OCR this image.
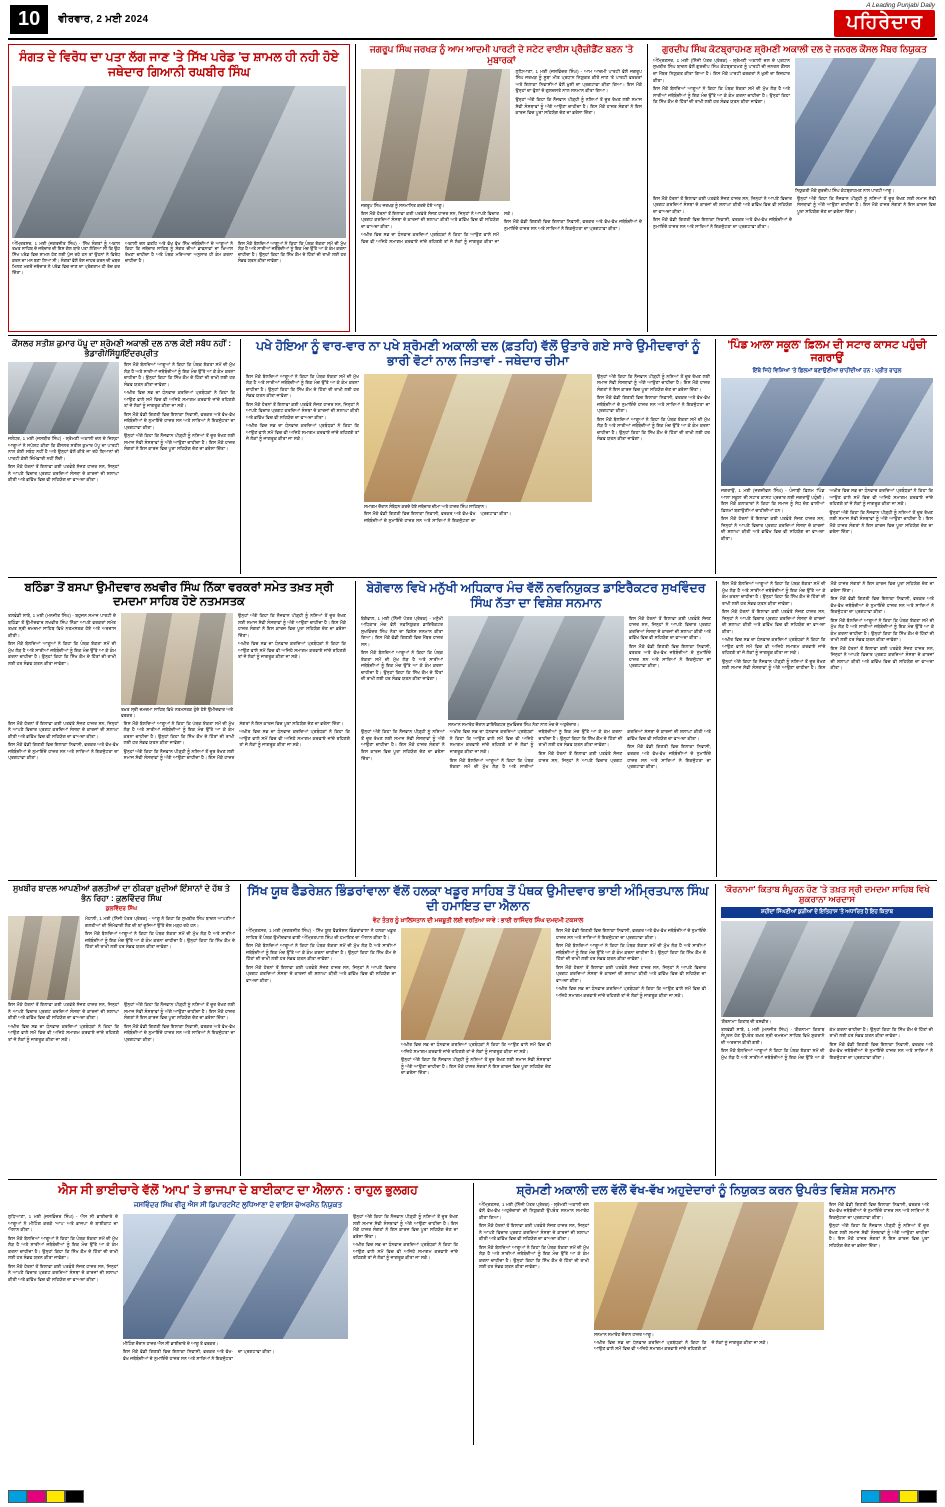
10	ਵੀਰਵਾਰ, 2 ਮਈ 2024
A Leading Punjabi Daily
ਪਹਿਰੇਦਾਰ
ਸੰਗਤ ਦੇ ਵਿਰੋਧ ਦਾ ਪਤਾ ਲੱਗ ਜਾਣ 'ਤੇ ਸਿੱਖ ਪਰੇਡ 'ਚ ਸ਼ਾਮਲ ਹੀ ਨਹੀ ਹੋਏ ਜਥੇਦਾਰ ਗਿਆਨੀ ਰਘਬੀਰ ਸਿੰਘ
ਅੰਮ੍ਰਿਤਸਰ, 1 ਮਈ (ਜਗਤਜੀਤ ਸਿੰਘ) - ਸਿੱਖ ਸੰਗਤਾਂ ਨੂੰ ਅਕਾਲ ਤਖ਼ਤ ਸਾਹਿਬ ਦੇ ਜਥੇਦਾਰ ਦੀ ਇਸ ਗੱਲ ਬਾਰੇ ਪਤਾ ਲੱਗਿਆ ਸੀ ਕਿ ਉਹ ਸਿੱਖ ਪਰੇਡ ਵਿਚ ਸ਼ਾਮਲ ਹੋਣ ਲਈ ਪੁੱਜ ਰਹੇ ਹਨ ਤਾਂ ਉਹਨਾਂ ਨੇ ਵਿਰੋਧ ਕਰਨ ਦਾ ਮਨ ਬਣਾ ਲਿਆ ਸੀ। ਸੰਗਤਾਂ ਵੱਲੋਂ ਰੋਸ ਜ਼ਾਹਰ ਕਰਨ ਦੀ ਖ਼ਬਰ ਮਿਲਣ ਮਗਰੋਂ ਜਥੇਦਾਰ ਨੇ ਪਰੇਡ ਵਿਚ ਜਾਣ ਦਾ ਪ੍ਰੋਗਰਾਮ ਹੀ ਰੱਦ ਕਰ ਦਿੱਤਾ।
ਅਕਾਲੀ ਦਲ ਫ਼ਤਹਿ ਅਤੇ ਵੱਖ ਵੱਖ ਸਿੱਖ ਜਥੇਬੰਦੀਆਂ ਦੇ ਆਗੂਆਂ ਨੇ ਕਿਹਾ ਕਿ ਜਥੇਦਾਰ ਸਾਹਿਬ ਨੂੰ ਸੰਗਤ ਦੀਆਂ ਭਾਵਨਾਵਾਂ ਦਾ ਖ਼ਿਆਲ ਰੱਖਣਾ ਚਾਹੀਦਾ ਹੈ ਅਤੇ ਪੰਥਕ ਮਰਿਆਦਾ ਅਨੁਸਾਰ ਹੀ ਕੰਮ ਕਰਨਾ ਚਾਹੀਦਾ ਹੈ।
ਇਸ ਮੌਕੇ ਬੋਲਦਿਆਂ ਆਗੂਆਂ ਨੇ ਕਿਹਾ ਕਿ ਪੰਥਕ ਏਕਤਾ ਸਮੇਂ ਦੀ ਮੁੱਖ ਲੋੜ ਹੈ ਅਤੇ ਸਾਰੀਆਂ ਜਥੇਬੰਦੀਆਂ ਨੂੰ ਇਕ ਮੰਚ ਉੱਤੇ ਆ ਕੇ ਕੰਮ ਕਰਨਾ ਚਾਹੀਦਾ ਹੈ। ਉਨ੍ਹਾਂ ਕਿਹਾ ਕਿ ਸਿੱਖ ਕੌਮ ਦੇ ਹਿੱਤਾਂ ਦੀ ਰਾਖੀ ਲਈ ਹਰ ਸੰਭਵ ਯਤਨ ਕੀਤਾ ਜਾਵੇਗਾ।
ਜਗਰੂਪ ਸਿੰਘ ਜਰਖੜ ਨੂੰ ਆਮ ਆਦਮੀ ਪਾਰਟੀ ਦੇ ਸਟੇਟ ਵਾਈਸ ਪ੍ਰੈਜ਼ੀਡੈਂਟ ਬਣਨ 'ਤੇ ਮੁਬਾਰਕਾਂ
ਜਗਰੂਪ ਸਿੰਘ ਜਰਖੜ ਨੂੰ ਸਨਮਾਨਿਤ ਕਰਦੇ ਹੋਏ ਆਗੂ।

ਲੁਧਿਆਣਾ, 1 ਮਈ (ਜਸਵਿੰਦਰ ਸਿੰਘ) - ਆਮ ਆਦਮੀ ਪਾਰਟੀ ਵੱਲੋਂ ਜਗਰੂਪ ਸਿੰਘ ਜਰਖੜ ਨੂੰ ਸੂਬਾ ਮੀਤ ਪ੍ਰਧਾਨ ਨਿਯੁਕਤ ਕੀਤੇ ਜਾਣ 'ਤੇ ਪਾਰਟੀ ਵਰਕਰਾਂ ਅਤੇ ਇਲਾਕਾ ਨਿਵਾਸੀਆਂ ਵੱਲੋਂ ਖ਼ੁਸ਼ੀ ਦਾ ਪ੍ਰਗਟਾਵਾ ਕੀਤਾ ਗਿਆ। ਇਸ ਮੌਕੇ ਉਨ੍ਹਾਂ ਦਾ ਫੁੱਲਾਂ ਦੇ ਗੁਲਦਸਤੇ ਨਾਲ ਸਨਮਾਨ ਕੀਤਾ ਗਿਆ।

ਉਨ੍ਹਾਂ ਅੱਗੇ ਕਿਹਾ ਕਿ ਨੌਜਵਾਨ ਪੀੜ੍ਹੀ ਨੂੰ ਨਸ਼ਿਆਂ ਤੋਂ ਦੂਰ ਰੱਖਣ ਲਈ ਸਮਾਜ ਸੇਵੀ ਸੰਸਥਾਵਾਂ ਨੂੰ ਅੱਗੇ ਆਉਣਾ ਚਾਹੀਦਾ ਹੈ। ਇਸ ਮੌਕੇ ਹਾਜ਼ਰ ਸੰਗਤਾਂ ਨੇ ਇਸ ਕਾਰਜ ਵਿਚ ਪੂਰਾ ਸਹਿਯੋਗ ਦੇਣ ਦਾ ਭਰੋਸਾ ਦਿੱਤਾ।

ਇਸ ਮੌਕੇ ਹੋਰਨਾਂ ਤੋਂ ਇਲਾਵਾ ਕਈ ਪਤਵੰਤੇ ਸੱਜਣ ਹਾਜ਼ਰ ਸਨ, ਜਿਨ੍ਹਾਂ ਨੇ ਆਪਣੇ ਵਿਚਾਰ ਪ੍ਰਗਟ ਕਰਦਿਆਂ ਸੰਸਥਾ ਦੇ ਕਾਰਜਾਂ ਦੀ ਸ਼ਲਾਘਾ ਕੀਤੀ ਅਤੇ ਭਵਿੱਖ ਵਿਚ ਵੀ ਸਹਿਯੋਗ ਦਾ ਵਾਅਦਾ ਕੀਤਾ।

ਅਖ਼ੀਰ ਵਿਚ ਸਭ ਦਾ ਧੰਨਵਾਦ ਕਰਦਿਆਂ ਪ੍ਰਬੰਧਕਾਂ ਨੇ ਕਿਹਾ ਕਿ ਆਉਣ ਵਾਲੇ ਸਮੇਂ ਵਿਚ ਵੀ ਅਜਿਹੇ ਸਮਾਗਮ ਕਰਵਾਏ ਜਾਂਦੇ ਰਹਿਣਗੇ ਤਾਂ ਜੋ ਲੋਕਾਂ ਨੂੰ ਜਾਗਰੂਕ ਕੀਤਾ ਜਾ ਸਕੇ।

ਇਸ ਮੌਕੇ ਵੱਡੀ ਗਿਣਤੀ ਵਿਚ ਇਲਾਕਾ ਨਿਵਾਸੀ, ਵਰਕਰ ਅਤੇ ਵੱਖ-ਵੱਖ ਜਥੇਬੰਦੀਆਂ ਦੇ ਨੁਮਾਇੰਦੇ ਹਾਜ਼ਰ ਸਨ ਅਤੇ ਸਾਰਿਆਂ ਨੇ ਇਕਜੁੱਟਤਾ ਦਾ ਪ੍ਰਗਟਾਵਾ ਕੀਤਾ।

ਗੁਰਦੀਪ ਸਿੰਘ ਕੋਟਬ੍ਰਾਹਮਣ ਸ਼੍ਰੋਮਣੀ ਅਕਾਲੀ ਦਲ ਦੇ ਜਨਰਲ ਕੌਂਸਲ ਮੈਂਬਰ ਨਿਯੁਕਤ

ਅੰਮ੍ਰਿਤਸਰ, 1 ਮਈ (ਨਿੱਜੀ ਪੱਤਰ ਪ੍ਰੇਰਕ) - ਸ਼੍ਰੋਮਣੀ ਅਕਾਲੀ ਦਲ ਦੇ ਪ੍ਰਧਾਨ ਸੁਖਬੀਰ ਸਿੰਘ ਬਾਦਲ ਵੱਲੋਂ ਗੁਰਦੀਪ ਸਿੰਘ ਕੋਟਬ੍ਰਾਹਮਣ ਨੂੰ ਪਾਰਟੀ ਦੀ ਜਨਰਲ ਕੌਂਸਲ ਦਾ ਮੈਂਬਰ ਨਿਯੁਕਤ ਕੀਤਾ ਗਿਆ ਹੈ। ਇਸ ਮੌਕੇ ਪਾਰਟੀ ਵਰਕਰਾਂ ਨੇ ਖ਼ੁਸ਼ੀ ਦਾ ਇਜ਼ਹਾਰ ਕੀਤਾ।

ਇਸ ਮੌਕੇ ਬੋਲਦਿਆਂ ਆਗੂਆਂ ਨੇ ਕਿਹਾ ਕਿ ਪੰਥਕ ਏਕਤਾ ਸਮੇਂ ਦੀ ਮੁੱਖ ਲੋੜ ਹੈ ਅਤੇ ਸਾਰੀਆਂ ਜਥੇਬੰਦੀਆਂ ਨੂੰ ਇਕ ਮੰਚ ਉੱਤੇ ਆ ਕੇ ਕੰਮ ਕਰਨਾ ਚਾਹੀਦਾ ਹੈ। ਉਨ੍ਹਾਂ ਕਿਹਾ ਕਿ ਸਿੱਖ ਕੌਮ ਦੇ ਹਿੱਤਾਂ ਦੀ ਰਾਖੀ ਲਈ ਹਰ ਸੰਭਵ ਯਤਨ ਕੀਤਾ ਜਾਵੇਗਾ।

ਨਿਯੁਕਤੀ ਮੌਕੇ ਗੁਰਦੀਪ ਸਿੰਘ ਕੋਟਬ੍ਰਾਹਮਣ ਨਾਲ ਪਾਰਟੀ ਆਗੂ।

ਇਸ ਮੌਕੇ ਹੋਰਨਾਂ ਤੋਂ ਇਲਾਵਾ ਕਈ ਪਤਵੰਤੇ ਸੱਜਣ ਹਾਜ਼ਰ ਸਨ, ਜਿਨ੍ਹਾਂ ਨੇ ਆਪਣੇ ਵਿਚਾਰ ਪ੍ਰਗਟ ਕਰਦਿਆਂ ਸੰਸਥਾ ਦੇ ਕਾਰਜਾਂ ਦੀ ਸ਼ਲਾਘਾ ਕੀਤੀ ਅਤੇ ਭਵਿੱਖ ਵਿਚ ਵੀ ਸਹਿਯੋਗ ਦਾ ਵਾਅਦਾ ਕੀਤਾ।

ਇਸ ਮੌਕੇ ਵੱਡੀ ਗਿਣਤੀ ਵਿਚ ਇਲਾਕਾ ਨਿਵਾਸੀ, ਵਰਕਰ ਅਤੇ ਵੱਖ-ਵੱਖ ਜਥੇਬੰਦੀਆਂ ਦੇ ਨੁਮਾਇੰਦੇ ਹਾਜ਼ਰ ਸਨ ਅਤੇ ਸਾਰਿਆਂ ਨੇ ਇਕਜੁੱਟਤਾ ਦਾ ਪ੍ਰਗਟਾਵਾ ਕੀਤਾ।

ਉਨ੍ਹਾਂ ਅੱਗੇ ਕਿਹਾ ਕਿ ਨੌਜਵਾਨ ਪੀੜ੍ਹੀ ਨੂੰ ਨਸ਼ਿਆਂ ਤੋਂ ਦੂਰ ਰੱਖਣ ਲਈ ਸਮਾਜ ਸੇਵੀ ਸੰਸਥਾਵਾਂ ਨੂੰ ਅੱਗੇ ਆਉਣਾ ਚਾਹੀਦਾ ਹੈ। ਇਸ ਮੌਕੇ ਹਾਜ਼ਰ ਸੰਗਤਾਂ ਨੇ ਇਸ ਕਾਰਜ ਵਿਚ ਪੂਰਾ ਸਹਿਯੋਗ ਦੇਣ ਦਾ ਭਰੋਸਾ ਦਿੱਤਾ।

ਕੌਂਸਲਰ ਸਤੀਸ਼ ਕੁਮਾਰ ਪੱਪੂ ਦਾ ਸ਼੍ਰੋਮਣੀ ਅਕਾਲੀ ਦਲ ਨਾਲ ਕੋਈ ਸਬੰਧ ਨਹੀਂ : ਭੰਡਾਰੀ/ਸਿੱਧੂ/ਇੰਦਰਪ੍ਰੀਤ

ਜਲੰਧਰ, 1 ਮਈ (ਜਸਬੀਰ ਸਿੰਘ) - ਸ਼੍ਰੋਮਣੀ ਅਕਾਲੀ ਦਲ ਦੇ ਜ਼ਿਲ੍ਹਾ ਆਗੂਆਂ ਨੇ ਸਪੱਸ਼ਟ ਕੀਤਾ ਕਿ ਕੌਂਸਲਰ ਸਤੀਸ਼ ਕੁਮਾਰ ਪੱਪੂ ਦਾ ਪਾਰਟੀ ਨਾਲ ਕੋਈ ਸਬੰਧ ਨਹੀਂ ਹੈ ਅਤੇ ਉਨ੍ਹਾਂ ਵੱਲੋਂ ਕੀਤੇ ਜਾ ਰਹੇ ਬਿਆਨਾਂ ਦੀ ਪਾਰਟੀ ਕੋਈ ਜ਼ਿੰਮੇਵਾਰੀ ਨਹੀਂ ਲੈਂਦੀ।

ਇਸ ਮੌਕੇ ਹੋਰਨਾਂ ਤੋਂ ਇਲਾਵਾ ਕਈ ਪਤਵੰਤੇ ਸੱਜਣ ਹਾਜ਼ਰ ਸਨ, ਜਿਨ੍ਹਾਂ ਨੇ ਆਪਣੇ ਵਿਚਾਰ ਪ੍ਰਗਟ ਕਰਦਿਆਂ ਸੰਸਥਾ ਦੇ ਕਾਰਜਾਂ ਦੀ ਸ਼ਲਾਘਾ ਕੀਤੀ ਅਤੇ ਭਵਿੱਖ ਵਿਚ ਵੀ ਸਹਿਯੋਗ ਦਾ ਵਾਅਦਾ ਕੀਤਾ।

ਇਸ ਮੌਕੇ ਬੋਲਦਿਆਂ ਆਗੂਆਂ ਨੇ ਕਿਹਾ ਕਿ ਪੰਥਕ ਏਕਤਾ ਸਮੇਂ ਦੀ ਮੁੱਖ ਲੋੜ ਹੈ ਅਤੇ ਸਾਰੀਆਂ ਜਥੇਬੰਦੀਆਂ ਨੂੰ ਇਕ ਮੰਚ ਉੱਤੇ ਆ ਕੇ ਕੰਮ ਕਰਨਾ ਚਾਹੀਦਾ ਹੈ। ਉਨ੍ਹਾਂ ਕਿਹਾ ਕਿ ਸਿੱਖ ਕੌਮ ਦੇ ਹਿੱਤਾਂ ਦੀ ਰਾਖੀ ਲਈ ਹਰ ਸੰਭਵ ਯਤਨ ਕੀਤਾ ਜਾਵੇਗਾ।

ਅਖ਼ੀਰ ਵਿਚ ਸਭ ਦਾ ਧੰਨਵਾਦ ਕਰਦਿਆਂ ਪ੍ਰਬੰਧਕਾਂ ਨੇ ਕਿਹਾ ਕਿ ਆਉਣ ਵਾਲੇ ਸਮੇਂ ਵਿਚ ਵੀ ਅਜਿਹੇ ਸਮਾਗਮ ਕਰਵਾਏ ਜਾਂਦੇ ਰਹਿਣਗੇ ਤਾਂ ਜੋ ਲੋਕਾਂ ਨੂੰ ਜਾਗਰੂਕ ਕੀਤਾ ਜਾ ਸਕੇ।

ਇਸ ਮੌਕੇ ਵੱਡੀ ਗਿਣਤੀ ਵਿਚ ਇਲਾਕਾ ਨਿਵਾਸੀ, ਵਰਕਰ ਅਤੇ ਵੱਖ-ਵੱਖ ਜਥੇਬੰਦੀਆਂ ਦੇ ਨੁਮਾਇੰਦੇ ਹਾਜ਼ਰ ਸਨ ਅਤੇ ਸਾਰਿਆਂ ਨੇ ਇਕਜੁੱਟਤਾ ਦਾ ਪ੍ਰਗਟਾਵਾ ਕੀਤਾ।

ਉਨ੍ਹਾਂ ਅੱਗੇ ਕਿਹਾ ਕਿ ਨੌਜਵਾਨ ਪੀੜ੍ਹੀ ਨੂੰ ਨਸ਼ਿਆਂ ਤੋਂ ਦੂਰ ਰੱਖਣ ਲਈ ਸਮਾਜ ਸੇਵੀ ਸੰਸਥਾਵਾਂ ਨੂੰ ਅੱਗੇ ਆਉਣਾ ਚਾਹੀਦਾ ਹੈ। ਇਸ ਮੌਕੇ ਹਾਜ਼ਰ ਸੰਗਤਾਂ ਨੇ ਇਸ ਕਾਰਜ ਵਿਚ ਪੂਰਾ ਸਹਿਯੋਗ ਦੇਣ ਦਾ ਭਰੋਸਾ ਦਿੱਤਾ।

ਪਖੇ ਹੋਇਆ ਨੂੰ ਵਾਰ-ਵਾਰ ਨਾ ਪਖੇ ਸ਼੍ਰੋਮਣੀ ਅਕਾਲੀ ਦਲ (ਫ਼ਤਹਿ) ਵੱਲੋਂ ਉਤਾਰੇ ਗਏ ਸਾਰੇ ਉਮੀਦਵਾਰਾਂ ਨੂੰ ਭਾਰੀ ਵੋਟਾਂ ਨਾਲ ਜਿਤਾਵਾਂ - ਜਥੇਦਾਰ ਚੀਮਾ

ਇਸ ਮੌਕੇ ਬੋਲਦਿਆਂ ਆਗੂਆਂ ਨੇ ਕਿਹਾ ਕਿ ਪੰਥਕ ਏਕਤਾ ਸਮੇਂ ਦੀ ਮੁੱਖ ਲੋੜ ਹੈ ਅਤੇ ਸਾਰੀਆਂ ਜਥੇਬੰਦੀਆਂ ਨੂੰ ਇਕ ਮੰਚ ਉੱਤੇ ਆ ਕੇ ਕੰਮ ਕਰਨਾ ਚਾਹੀਦਾ ਹੈ। ਉਨ੍ਹਾਂ ਕਿਹਾ ਕਿ ਸਿੱਖ ਕੌਮ ਦੇ ਹਿੱਤਾਂ ਦੀ ਰਾਖੀ ਲਈ ਹਰ ਸੰਭਵ ਯਤਨ ਕੀਤਾ ਜਾਵੇਗਾ।

ਇਸ ਮੌਕੇ ਹੋਰਨਾਂ ਤੋਂ ਇਲਾਵਾ ਕਈ ਪਤਵੰਤੇ ਸੱਜਣ ਹਾਜ਼ਰ ਸਨ, ਜਿਨ੍ਹਾਂ ਨੇ ਆਪਣੇ ਵਿਚਾਰ ਪ੍ਰਗਟ ਕਰਦਿਆਂ ਸੰਸਥਾ ਦੇ ਕਾਰਜਾਂ ਦੀ ਸ਼ਲਾਘਾ ਕੀਤੀ ਅਤੇ ਭਵਿੱਖ ਵਿਚ ਵੀ ਸਹਿਯੋਗ ਦਾ ਵਾਅਦਾ ਕੀਤਾ।

ਅਖ਼ੀਰ ਵਿਚ ਸਭ ਦਾ ਧੰਨਵਾਦ ਕਰਦਿਆਂ ਪ੍ਰਬੰਧਕਾਂ ਨੇ ਕਿਹਾ ਕਿ ਆਉਣ ਵਾਲੇ ਸਮੇਂ ਵਿਚ ਵੀ ਅਜਿਹੇ ਸਮਾਗਮ ਕਰਵਾਏ ਜਾਂਦੇ ਰਹਿਣਗੇ ਤਾਂ ਜੋ ਲੋਕਾਂ ਨੂੰ ਜਾਗਰੂਕ ਕੀਤਾ ਜਾ ਸਕੇ।

ਸਮਾਗਮ ਦੌਰਾਨ ਸੰਬੋਧਨ ਕਰਦੇ ਹੋਏ ਜਥੇਦਾਰ ਚੀਮਾ ਅਤੇ ਹਾਜ਼ਰ ਸਿੰਘ ਸਾਹਿਬਾਨ।

ਇਸ ਮੌਕੇ ਵੱਡੀ ਗਿਣਤੀ ਵਿਚ ਇਲਾਕਾ ਨਿਵਾਸੀ, ਵਰਕਰ ਅਤੇ ਵੱਖ-ਵੱਖ ਜਥੇਬੰਦੀਆਂ ਦੇ ਨੁਮਾਇੰਦੇ ਹਾਜ਼ਰ ਸਨ ਅਤੇ ਸਾਰਿਆਂ ਨੇ ਇਕਜੁੱਟਤਾ ਦਾ ਪ੍ਰਗਟਾਵਾ ਕੀਤਾ।

ਉਨ੍ਹਾਂ ਅੱਗੇ ਕਿਹਾ ਕਿ ਨੌਜਵਾਨ ਪੀੜ੍ਹੀ ਨੂੰ ਨਸ਼ਿਆਂ ਤੋਂ ਦੂਰ ਰੱਖਣ ਲਈ ਸਮਾਜ ਸੇਵੀ ਸੰਸਥਾਵਾਂ ਨੂੰ ਅੱਗੇ ਆਉਣਾ ਚਾਹੀਦਾ ਹੈ। ਇਸ ਮੌਕੇ ਹਾਜ਼ਰ ਸੰਗਤਾਂ ਨੇ ਇਸ ਕਾਰਜ ਵਿਚ ਪੂਰਾ ਸਹਿਯੋਗ ਦੇਣ ਦਾ ਭਰੋਸਾ ਦਿੱਤਾ।

ਇਸ ਮੌਕੇ ਵੱਡੀ ਗਿਣਤੀ ਵਿਚ ਇਲਾਕਾ ਨਿਵਾਸੀ, ਵਰਕਰ ਅਤੇ ਵੱਖ-ਵੱਖ ਜਥੇਬੰਦੀਆਂ ਦੇ ਨੁਮਾਇੰਦੇ ਹਾਜ਼ਰ ਸਨ ਅਤੇ ਸਾਰਿਆਂ ਨੇ ਇਕਜੁੱਟਤਾ ਦਾ ਪ੍ਰਗਟਾਵਾ ਕੀਤਾ।

ਇਸ ਮੌਕੇ ਬੋਲਦਿਆਂ ਆਗੂਆਂ ਨੇ ਕਿਹਾ ਕਿ ਪੰਥਕ ਏਕਤਾ ਸਮੇਂ ਦੀ ਮੁੱਖ ਲੋੜ ਹੈ ਅਤੇ ਸਾਰੀਆਂ ਜਥੇਬੰਦੀਆਂ ਨੂੰ ਇਕ ਮੰਚ ਉੱਤੇ ਆ ਕੇ ਕੰਮ ਕਰਨਾ ਚਾਹੀਦਾ ਹੈ। ਉਨ੍ਹਾਂ ਕਿਹਾ ਕਿ ਸਿੱਖ ਕੌਮ ਦੇ ਹਿੱਤਾਂ ਦੀ ਰਾਖੀ ਲਈ ਹਰ ਸੰਭਵ ਯਤਨ ਕੀਤਾ ਜਾਵੇਗਾ।

'ਪਿੰਡ ਆਲਾ ਸਕੂਲ' ਫ਼ਿਲਮ ਦੀ ਸਟਾਰ ਕਾਸਟ ਪਹੁੰਚੀ ਜਗਰਾਉਂ
ਇੱਥੇ ਜਿਹੇ ਵਿਸ਼ਿਆਂ 'ਤੇ ਫ਼ਿਲਮਾਂ ਬਣਾਉਣੀਆਂ ਚਾਹੀਦੀਆਂ ਹਨ : ਪ੍ਰੀਤ ਰਾਹੁਲ

ਜਗਰਾਉਂ, 1 ਮਈ (ਜਗਜੀਵਨ ਸਿੰਘ) - ਪੰਜਾਬੀ ਫ਼ਿਲਮ 'ਪਿੰਡ ਆਲਾ ਸਕੂਲ' ਦੀ ਸਟਾਰ ਕਾਸਟ ਪ੍ਰਚਾਰ ਲਈ ਜਗਰਾਉਂ ਪਹੁੰਚੀ। ਇਸ ਮੌਕੇ ਕਲਾਕਾਰਾਂ ਨੇ ਕਿਹਾ ਕਿ ਸਮਾਜ ਨੂੰ ਸੇਧ ਦੇਣ ਵਾਲੀਆਂ ਫ਼ਿਲਮਾਂ ਬਣਾਉਣੀਆਂ ਚਾਹੀਦੀਆਂ ਹਨ।

ਇਸ ਮੌਕੇ ਹੋਰਨਾਂ ਤੋਂ ਇਲਾਵਾ ਕਈ ਪਤਵੰਤੇ ਸੱਜਣ ਹਾਜ਼ਰ ਸਨ, ਜਿਨ੍ਹਾਂ ਨੇ ਆਪਣੇ ਵਿਚਾਰ ਪ੍ਰਗਟ ਕਰਦਿਆਂ ਸੰਸਥਾ ਦੇ ਕਾਰਜਾਂ ਦੀ ਸ਼ਲਾਘਾ ਕੀਤੀ ਅਤੇ ਭਵਿੱਖ ਵਿਚ ਵੀ ਸਹਿਯੋਗ ਦਾ ਵਾਅਦਾ ਕੀਤਾ।

ਅਖ਼ੀਰ ਵਿਚ ਸਭ ਦਾ ਧੰਨਵਾਦ ਕਰਦਿਆਂ ਪ੍ਰਬੰਧਕਾਂ ਨੇ ਕਿਹਾ ਕਿ ਆਉਣ ਵਾਲੇ ਸਮੇਂ ਵਿਚ ਵੀ ਅਜਿਹੇ ਸਮਾਗਮ ਕਰਵਾਏ ਜਾਂਦੇ ਰਹਿਣਗੇ ਤਾਂ ਜੋ ਲੋਕਾਂ ਨੂੰ ਜਾਗਰੂਕ ਕੀਤਾ ਜਾ ਸਕੇ।

ਉਨ੍ਹਾਂ ਅੱਗੇ ਕਿਹਾ ਕਿ ਨੌਜਵਾਨ ਪੀੜ੍ਹੀ ਨੂੰ ਨਸ਼ਿਆਂ ਤੋਂ ਦੂਰ ਰੱਖਣ ਲਈ ਸਮਾਜ ਸੇਵੀ ਸੰਸਥਾਵਾਂ ਨੂੰ ਅੱਗੇ ਆਉਣਾ ਚਾਹੀਦਾ ਹੈ। ਇਸ ਮੌਕੇ ਹਾਜ਼ਰ ਸੰਗਤਾਂ ਨੇ ਇਸ ਕਾਰਜ ਵਿਚ ਪੂਰਾ ਸਹਿਯੋਗ ਦੇਣ ਦਾ ਭਰੋਸਾ ਦਿੱਤਾ।

ਬਠਿੰਡਾ ਤੋਂ ਬਸਪਾ ਉਮੀਦਵਾਰ ਲਖਵੀਰ ਸਿੰਘ ਨਿੱਕਾ ਵਰਕਰਾਂ ਸਮੇਤ ਤਖ਼ਤ ਸ੍ਰੀ ਦਮਦਮਾ ਸਾਹਿਬ ਹੋਏ ਨਤਮਸਤਕ

ਤਲਵੰਡੀ ਸਾਬੋ, 1 ਮਈ (ਮਨਜੀਤ ਸਿੰਘ) - ਬਹੁਜਨ ਸਮਾਜ ਪਾਰਟੀ ਦੇ ਬਠਿੰਡਾ ਤੋਂ ਉਮੀਦਵਾਰ ਲਖਵੀਰ ਸਿੰਘ ਨਿੱਕਾ ਆਪਣੇ ਵਰਕਰਾਂ ਸਮੇਤ ਤਖ਼ਤ ਸ੍ਰੀ ਦਮਦਮਾ ਸਾਹਿਬ ਵਿਖੇ ਨਤਮਸਤਕ ਹੋਏ ਅਤੇ ਅਰਦਾਸ ਕੀਤੀ।

ਇਸ ਮੌਕੇ ਬੋਲਦਿਆਂ ਆਗੂਆਂ ਨੇ ਕਿਹਾ ਕਿ ਪੰਥਕ ਏਕਤਾ ਸਮੇਂ ਦੀ ਮੁੱਖ ਲੋੜ ਹੈ ਅਤੇ ਸਾਰੀਆਂ ਜਥੇਬੰਦੀਆਂ ਨੂੰ ਇਕ ਮੰਚ ਉੱਤੇ ਆ ਕੇ ਕੰਮ ਕਰਨਾ ਚਾਹੀਦਾ ਹੈ। ਉਨ੍ਹਾਂ ਕਿਹਾ ਕਿ ਸਿੱਖ ਕੌਮ ਦੇ ਹਿੱਤਾਂ ਦੀ ਰਾਖੀ ਲਈ ਹਰ ਸੰਭਵ ਯਤਨ ਕੀਤਾ ਜਾਵੇਗਾ।

ਤਖ਼ਤ ਸ੍ਰੀ ਦਮਦਮਾ ਸਾਹਿਬ ਵਿਖੇ ਨਤਮਸਤਕ ਹੁੰਦੇ ਹੋਏ ਉਮੀਦਵਾਰ ਅਤੇ ਵਰਕਰ।

ਉਨ੍ਹਾਂ ਅੱਗੇ ਕਿਹਾ ਕਿ ਨੌਜਵਾਨ ਪੀੜ੍ਹੀ ਨੂੰ ਨਸ਼ਿਆਂ ਤੋਂ ਦੂਰ ਰੱਖਣ ਲਈ ਸਮਾਜ ਸੇਵੀ ਸੰਸਥਾਵਾਂ ਨੂੰ ਅੱਗੇ ਆਉਣਾ ਚਾਹੀਦਾ ਹੈ। ਇਸ ਮੌਕੇ ਹਾਜ਼ਰ ਸੰਗਤਾਂ ਨੇ ਇਸ ਕਾਰਜ ਵਿਚ ਪੂਰਾ ਸਹਿਯੋਗ ਦੇਣ ਦਾ ਭਰੋਸਾ ਦਿੱਤਾ।

ਅਖ਼ੀਰ ਵਿਚ ਸਭ ਦਾ ਧੰਨਵਾਦ ਕਰਦਿਆਂ ਪ੍ਰਬੰਧਕਾਂ ਨੇ ਕਿਹਾ ਕਿ ਆਉਣ ਵਾਲੇ ਸਮੇਂ ਵਿਚ ਵੀ ਅਜਿਹੇ ਸਮਾਗਮ ਕਰਵਾਏ ਜਾਂਦੇ ਰਹਿਣਗੇ ਤਾਂ ਜੋ ਲੋਕਾਂ ਨੂੰ ਜਾਗਰੂਕ ਕੀਤਾ ਜਾ ਸਕੇ।

ਇਸ ਮੌਕੇ ਹੋਰਨਾਂ ਤੋਂ ਇਲਾਵਾ ਕਈ ਪਤਵੰਤੇ ਸੱਜਣ ਹਾਜ਼ਰ ਸਨ, ਜਿਨ੍ਹਾਂ ਨੇ ਆਪਣੇ ਵਿਚਾਰ ਪ੍ਰਗਟ ਕਰਦਿਆਂ ਸੰਸਥਾ ਦੇ ਕਾਰਜਾਂ ਦੀ ਸ਼ਲਾਘਾ ਕੀਤੀ ਅਤੇ ਭਵਿੱਖ ਵਿਚ ਵੀ ਸਹਿਯੋਗ ਦਾ ਵਾਅਦਾ ਕੀਤਾ।

ਇਸ ਮੌਕੇ ਵੱਡੀ ਗਿਣਤੀ ਵਿਚ ਇਲਾਕਾ ਨਿਵਾਸੀ, ਵਰਕਰ ਅਤੇ ਵੱਖ-ਵੱਖ ਜਥੇਬੰਦੀਆਂ ਦੇ ਨੁਮਾਇੰਦੇ ਹਾਜ਼ਰ ਸਨ ਅਤੇ ਸਾਰਿਆਂ ਨੇ ਇਕਜੁੱਟਤਾ ਦਾ ਪ੍ਰਗਟਾਵਾ ਕੀਤਾ।

ਇਸ ਮੌਕੇ ਬੋਲਦਿਆਂ ਆਗੂਆਂ ਨੇ ਕਿਹਾ ਕਿ ਪੰਥਕ ਏਕਤਾ ਸਮੇਂ ਦੀ ਮੁੱਖ ਲੋੜ ਹੈ ਅਤੇ ਸਾਰੀਆਂ ਜਥੇਬੰਦੀਆਂ ਨੂੰ ਇਕ ਮੰਚ ਉੱਤੇ ਆ ਕੇ ਕੰਮ ਕਰਨਾ ਚਾਹੀਦਾ ਹੈ। ਉਨ੍ਹਾਂ ਕਿਹਾ ਕਿ ਸਿੱਖ ਕੌਮ ਦੇ ਹਿੱਤਾਂ ਦੀ ਰਾਖੀ ਲਈ ਹਰ ਸੰਭਵ ਯਤਨ ਕੀਤਾ ਜਾਵੇਗਾ।

ਉਨ੍ਹਾਂ ਅੱਗੇ ਕਿਹਾ ਕਿ ਨੌਜਵਾਨ ਪੀੜ੍ਹੀ ਨੂੰ ਨਸ਼ਿਆਂ ਤੋਂ ਦੂਰ ਰੱਖਣ ਲਈ ਸਮਾਜ ਸੇਵੀ ਸੰਸਥਾਵਾਂ ਨੂੰ ਅੱਗੇ ਆਉਣਾ ਚਾਹੀਦਾ ਹੈ। ਇਸ ਮੌਕੇ ਹਾਜ਼ਰ ਸੰਗਤਾਂ ਨੇ ਇਸ ਕਾਰਜ ਵਿਚ ਪੂਰਾ ਸਹਿਯੋਗ ਦੇਣ ਦਾ ਭਰੋਸਾ ਦਿੱਤਾ।

ਅਖ਼ੀਰ ਵਿਚ ਸਭ ਦਾ ਧੰਨਵਾਦ ਕਰਦਿਆਂ ਪ੍ਰਬੰਧਕਾਂ ਨੇ ਕਿਹਾ ਕਿ ਆਉਣ ਵਾਲੇ ਸਮੇਂ ਵਿਚ ਵੀ ਅਜਿਹੇ ਸਮਾਗਮ ਕਰਵਾਏ ਜਾਂਦੇ ਰਹਿਣਗੇ ਤਾਂ ਜੋ ਲੋਕਾਂ ਨੂੰ ਜਾਗਰੂਕ ਕੀਤਾ ਜਾ ਸਕੇ।

ਬੇਗੋਵਾਲ ਵਿਖੇ ਮਨੁੱਖੀ ਅਧਿਕਾਰ ਮੰਚ ਵੱਲੋਂ ਨਵਨਿਯੁਕਤ ਡਾਇਰੈਕਟਰ ਸੁਖਵਿੰਦਰ ਸਿੰਘ ਨੱਤਾ ਦਾ ਵਿਸ਼ੇਸ਼ ਸਨਮਾਨ

ਬੇਗੋਵਾਲ, 1 ਮਈ (ਨਿੱਜੀ ਪੱਤਰ ਪ੍ਰੇਰਕ) - ਮਨੁੱਖੀ ਅਧਿਕਾਰ ਮੰਚ ਵੱਲੋਂ ਨਵਨਿਯੁਕਤ ਡਾਇਰੈਕਟਰ ਸੁਖਵਿੰਦਰ ਸਿੰਘ ਨੱਤਾ ਦਾ ਵਿਸ਼ੇਸ਼ ਸਨਮਾਨ ਕੀਤਾ ਗਿਆ। ਇਸ ਮੌਕੇ ਵੱਡੀ ਗਿਣਤੀ ਵਿਚ ਮੈਂਬਰ ਹਾਜ਼ਰ ਸਨ।

ਇਸ ਮੌਕੇ ਬੋਲਦਿਆਂ ਆਗੂਆਂ ਨੇ ਕਿਹਾ ਕਿ ਪੰਥਕ ਏਕਤਾ ਸਮੇਂ ਦੀ ਮੁੱਖ ਲੋੜ ਹੈ ਅਤੇ ਸਾਰੀਆਂ ਜਥੇਬੰਦੀਆਂ ਨੂੰ ਇਕ ਮੰਚ ਉੱਤੇ ਆ ਕੇ ਕੰਮ ਕਰਨਾ ਚਾਹੀਦਾ ਹੈ। ਉਨ੍ਹਾਂ ਕਿਹਾ ਕਿ ਸਿੱਖ ਕੌਮ ਦੇ ਹਿੱਤਾਂ ਦੀ ਰਾਖੀ ਲਈ ਹਰ ਸੰਭਵ ਯਤਨ ਕੀਤਾ ਜਾਵੇਗਾ।

ਸਨਮਾਨ ਸਮਾਰੋਹ ਦੌਰਾਨ ਡਾਇਰੈਕਟਰ ਸੁਖਵਿੰਦਰ ਸਿੰਘ ਨੱਤਾ ਨਾਲ ਮੰਚ ਦੇ ਅਹੁਦੇਦਾਰ।

ਇਸ ਮੌਕੇ ਹੋਰਨਾਂ ਤੋਂ ਇਲਾਵਾ ਕਈ ਪਤਵੰਤੇ ਸੱਜਣ ਹਾਜ਼ਰ ਸਨ, ਜਿਨ੍ਹਾਂ ਨੇ ਆਪਣੇ ਵਿਚਾਰ ਪ੍ਰਗਟ ਕਰਦਿਆਂ ਸੰਸਥਾ ਦੇ ਕਾਰਜਾਂ ਦੀ ਸ਼ਲਾਘਾ ਕੀਤੀ ਅਤੇ ਭਵਿੱਖ ਵਿਚ ਵੀ ਸਹਿਯੋਗ ਦਾ ਵਾਅਦਾ ਕੀਤਾ।

ਇਸ ਮੌਕੇ ਵੱਡੀ ਗਿਣਤੀ ਵਿਚ ਇਲਾਕਾ ਨਿਵਾਸੀ, ਵਰਕਰ ਅਤੇ ਵੱਖ-ਵੱਖ ਜਥੇਬੰਦੀਆਂ ਦੇ ਨੁਮਾਇੰਦੇ ਹਾਜ਼ਰ ਸਨ ਅਤੇ ਸਾਰਿਆਂ ਨੇ ਇਕਜੁੱਟਤਾ ਦਾ ਪ੍ਰਗਟਾਵਾ ਕੀਤਾ।

ਉਨ੍ਹਾਂ ਅੱਗੇ ਕਿਹਾ ਕਿ ਨੌਜਵਾਨ ਪੀੜ੍ਹੀ ਨੂੰ ਨਸ਼ਿਆਂ ਤੋਂ ਦੂਰ ਰੱਖਣ ਲਈ ਸਮਾਜ ਸੇਵੀ ਸੰਸਥਾਵਾਂ ਨੂੰ ਅੱਗੇ ਆਉਣਾ ਚਾਹੀਦਾ ਹੈ। ਇਸ ਮੌਕੇ ਹਾਜ਼ਰ ਸੰਗਤਾਂ ਨੇ ਇਸ ਕਾਰਜ ਵਿਚ ਪੂਰਾ ਸਹਿਯੋਗ ਦੇਣ ਦਾ ਭਰੋਸਾ ਦਿੱਤਾ।

ਅਖ਼ੀਰ ਵਿਚ ਸਭ ਦਾ ਧੰਨਵਾਦ ਕਰਦਿਆਂ ਪ੍ਰਬੰਧਕਾਂ ਨੇ ਕਿਹਾ ਕਿ ਆਉਣ ਵਾਲੇ ਸਮੇਂ ਵਿਚ ਵੀ ਅਜਿਹੇ ਸਮਾਗਮ ਕਰਵਾਏ ਜਾਂਦੇ ਰਹਿਣਗੇ ਤਾਂ ਜੋ ਲੋਕਾਂ ਨੂੰ ਜਾਗਰੂਕ ਕੀਤਾ ਜਾ ਸਕੇ।

ਇਸ ਮੌਕੇ ਬੋਲਦਿਆਂ ਆਗੂਆਂ ਨੇ ਕਿਹਾ ਕਿ ਪੰਥਕ ਏਕਤਾ ਸਮੇਂ ਦੀ ਮੁੱਖ ਲੋੜ ਹੈ ਅਤੇ ਸਾਰੀਆਂ ਜਥੇਬੰਦੀਆਂ ਨੂੰ ਇਕ ਮੰਚ ਉੱਤੇ ਆ ਕੇ ਕੰਮ ਕਰਨਾ ਚਾਹੀਦਾ ਹੈ। ਉਨ੍ਹਾਂ ਕਿਹਾ ਕਿ ਸਿੱਖ ਕੌਮ ਦੇ ਹਿੱਤਾਂ ਦੀ ਰਾਖੀ ਲਈ ਹਰ ਸੰਭਵ ਯਤਨ ਕੀਤਾ ਜਾਵੇਗਾ।

ਇਸ ਮੌਕੇ ਹੋਰਨਾਂ ਤੋਂ ਇਲਾਵਾ ਕਈ ਪਤਵੰਤੇ ਸੱਜਣ ਹਾਜ਼ਰ ਸਨ, ਜਿਨ੍ਹਾਂ ਨੇ ਆਪਣੇ ਵਿਚਾਰ ਪ੍ਰਗਟ ਕਰਦਿਆਂ ਸੰਸਥਾ ਦੇ ਕਾਰਜਾਂ ਦੀ ਸ਼ਲਾਘਾ ਕੀਤੀ ਅਤੇ ਭਵਿੱਖ ਵਿਚ ਵੀ ਸਹਿਯੋਗ ਦਾ ਵਾਅਦਾ ਕੀਤਾ।

ਇਸ ਮੌਕੇ ਵੱਡੀ ਗਿਣਤੀ ਵਿਚ ਇਲਾਕਾ ਨਿਵਾਸੀ, ਵਰਕਰ ਅਤੇ ਵੱਖ-ਵੱਖ ਜਥੇਬੰਦੀਆਂ ਦੇ ਨੁਮਾਇੰਦੇ ਹਾਜ਼ਰ ਸਨ ਅਤੇ ਸਾਰਿਆਂ ਨੇ ਇਕਜੁੱਟਤਾ ਦਾ ਪ੍ਰਗਟਾਵਾ ਕੀਤਾ।

ਇਸ ਮੌਕੇ ਬੋਲਦਿਆਂ ਆਗੂਆਂ ਨੇ ਕਿਹਾ ਕਿ ਪੰਥਕ ਏਕਤਾ ਸਮੇਂ ਦੀ ਮੁੱਖ ਲੋੜ ਹੈ ਅਤੇ ਸਾਰੀਆਂ ਜਥੇਬੰਦੀਆਂ ਨੂੰ ਇਕ ਮੰਚ ਉੱਤੇ ਆ ਕੇ ਕੰਮ ਕਰਨਾ ਚਾਹੀਦਾ ਹੈ। ਉਨ੍ਹਾਂ ਕਿਹਾ ਕਿ ਸਿੱਖ ਕੌਮ ਦੇ ਹਿੱਤਾਂ ਦੀ ਰਾਖੀ ਲਈ ਹਰ ਸੰਭਵ ਯਤਨ ਕੀਤਾ ਜਾਵੇਗਾ।

ਇਸ ਮੌਕੇ ਹੋਰਨਾਂ ਤੋਂ ਇਲਾਵਾ ਕਈ ਪਤਵੰਤੇ ਸੱਜਣ ਹਾਜ਼ਰ ਸਨ, ਜਿਨ੍ਹਾਂ ਨੇ ਆਪਣੇ ਵਿਚਾਰ ਪ੍ਰਗਟ ਕਰਦਿਆਂ ਸੰਸਥਾ ਦੇ ਕਾਰਜਾਂ ਦੀ ਸ਼ਲਾਘਾ ਕੀਤੀ ਅਤੇ ਭਵਿੱਖ ਵਿਚ ਵੀ ਸਹਿਯੋਗ ਦਾ ਵਾਅਦਾ ਕੀਤਾ।

ਅਖ਼ੀਰ ਵਿਚ ਸਭ ਦਾ ਧੰਨਵਾਦ ਕਰਦਿਆਂ ਪ੍ਰਬੰਧਕਾਂ ਨੇ ਕਿਹਾ ਕਿ ਆਉਣ ਵਾਲੇ ਸਮੇਂ ਵਿਚ ਵੀ ਅਜਿਹੇ ਸਮਾਗਮ ਕਰਵਾਏ ਜਾਂਦੇ ਰਹਿਣਗੇ ਤਾਂ ਜੋ ਲੋਕਾਂ ਨੂੰ ਜਾਗਰੂਕ ਕੀਤਾ ਜਾ ਸਕੇ।

ਉਨ੍ਹਾਂ ਅੱਗੇ ਕਿਹਾ ਕਿ ਨੌਜਵਾਨ ਪੀੜ੍ਹੀ ਨੂੰ ਨਸ਼ਿਆਂ ਤੋਂ ਦੂਰ ਰੱਖਣ ਲਈ ਸਮਾਜ ਸੇਵੀ ਸੰਸਥਾਵਾਂ ਨੂੰ ਅੱਗੇ ਆਉਣਾ ਚਾਹੀਦਾ ਹੈ। ਇਸ ਮੌਕੇ ਹਾਜ਼ਰ ਸੰਗਤਾਂ ਨੇ ਇਸ ਕਾਰਜ ਵਿਚ ਪੂਰਾ ਸਹਿਯੋਗ ਦੇਣ ਦਾ ਭਰੋਸਾ ਦਿੱਤਾ।

ਇਸ ਮੌਕੇ ਵੱਡੀ ਗਿਣਤੀ ਵਿਚ ਇਲਾਕਾ ਨਿਵਾਸੀ, ਵਰਕਰ ਅਤੇ ਵੱਖ-ਵੱਖ ਜਥੇਬੰਦੀਆਂ ਦੇ ਨੁਮਾਇੰਦੇ ਹਾਜ਼ਰ ਸਨ ਅਤੇ ਸਾਰਿਆਂ ਨੇ ਇਕਜੁੱਟਤਾ ਦਾ ਪ੍ਰਗਟਾਵਾ ਕੀਤਾ।

ਇਸ ਮੌਕੇ ਬੋਲਦਿਆਂ ਆਗੂਆਂ ਨੇ ਕਿਹਾ ਕਿ ਪੰਥਕ ਏਕਤਾ ਸਮੇਂ ਦੀ ਮੁੱਖ ਲੋੜ ਹੈ ਅਤੇ ਸਾਰੀਆਂ ਜਥੇਬੰਦੀਆਂ ਨੂੰ ਇਕ ਮੰਚ ਉੱਤੇ ਆ ਕੇ ਕੰਮ ਕਰਨਾ ਚਾਹੀਦਾ ਹੈ। ਉਨ੍ਹਾਂ ਕਿਹਾ ਕਿ ਸਿੱਖ ਕੌਮ ਦੇ ਹਿੱਤਾਂ ਦੀ ਰਾਖੀ ਲਈ ਹਰ ਸੰਭਵ ਯਤਨ ਕੀਤਾ ਜਾਵੇਗਾ।

ਇਸ ਮੌਕੇ ਹੋਰਨਾਂ ਤੋਂ ਇਲਾਵਾ ਕਈ ਪਤਵੰਤੇ ਸੱਜਣ ਹਾਜ਼ਰ ਸਨ, ਜਿਨ੍ਹਾਂ ਨੇ ਆਪਣੇ ਵਿਚਾਰ ਪ੍ਰਗਟ ਕਰਦਿਆਂ ਸੰਸਥਾ ਦੇ ਕਾਰਜਾਂ ਦੀ ਸ਼ਲਾਘਾ ਕੀਤੀ ਅਤੇ ਭਵਿੱਖ ਵਿਚ ਵੀ ਸਹਿਯੋਗ ਦਾ ਵਾਅਦਾ ਕੀਤਾ।

ਸੁਖਬੀਰ ਬਾਦਲ ਆਪਣੀਆਂ ਗਲਤੀਆਂ ਦਾ ਠੀਕਰਾ ਖ਼ੁਦੀਆਂ ਇੰਸਾਨਾਂ ਦੇ ਹੱਥ ਤੇ ਭੰਨ ਰਿਹਾ : ਕੁਲਵਿੰਦਰ ਸਿੰਘ
ਕੁਲਵਿੰਦਰ ਸਿੰਘ

ਮੋਹਾਲੀ, 1 ਮਈ (ਨਿੱਜੀ ਪੱਤਰ ਪ੍ਰੇਰਕ) - ਆਗੂ ਨੇ ਕਿਹਾ ਕਿ ਸੁਖਬੀਰ ਸਿੰਘ ਬਾਦਲ ਆਪਣੀਆਂ ਗਲਤੀਆਂ ਦੀ ਜ਼ਿੰਮੇਵਾਰੀ ਲੈਣ ਦੀ ਥਾਂ ਦੂਜਿਆਂ ਉੱਤੇ ਦੋਸ਼ ਮੜ੍ਹ ਰਹੇ ਹਨ।

ਇਸ ਮੌਕੇ ਬੋਲਦਿਆਂ ਆਗੂਆਂ ਨੇ ਕਿਹਾ ਕਿ ਪੰਥਕ ਏਕਤਾ ਸਮੇਂ ਦੀ ਮੁੱਖ ਲੋੜ ਹੈ ਅਤੇ ਸਾਰੀਆਂ ਜਥੇਬੰਦੀਆਂ ਨੂੰ ਇਕ ਮੰਚ ਉੱਤੇ ਆ ਕੇ ਕੰਮ ਕਰਨਾ ਚਾਹੀਦਾ ਹੈ। ਉਨ੍ਹਾਂ ਕਿਹਾ ਕਿ ਸਿੱਖ ਕੌਮ ਦੇ ਹਿੱਤਾਂ ਦੀ ਰਾਖੀ ਲਈ ਹਰ ਸੰਭਵ ਯਤਨ ਕੀਤਾ ਜਾਵੇਗਾ।

ਇਸ ਮੌਕੇ ਹੋਰਨਾਂ ਤੋਂ ਇਲਾਵਾ ਕਈ ਪਤਵੰਤੇ ਸੱਜਣ ਹਾਜ਼ਰ ਸਨ, ਜਿਨ੍ਹਾਂ ਨੇ ਆਪਣੇ ਵਿਚਾਰ ਪ੍ਰਗਟ ਕਰਦਿਆਂ ਸੰਸਥਾ ਦੇ ਕਾਰਜਾਂ ਦੀ ਸ਼ਲਾਘਾ ਕੀਤੀ ਅਤੇ ਭਵਿੱਖ ਵਿਚ ਵੀ ਸਹਿਯੋਗ ਦਾ ਵਾਅਦਾ ਕੀਤਾ।

ਅਖ਼ੀਰ ਵਿਚ ਸਭ ਦਾ ਧੰਨਵਾਦ ਕਰਦਿਆਂ ਪ੍ਰਬੰਧਕਾਂ ਨੇ ਕਿਹਾ ਕਿ ਆਉਣ ਵਾਲੇ ਸਮੇਂ ਵਿਚ ਵੀ ਅਜਿਹੇ ਸਮਾਗਮ ਕਰਵਾਏ ਜਾਂਦੇ ਰਹਿਣਗੇ ਤਾਂ ਜੋ ਲੋਕਾਂ ਨੂੰ ਜਾਗਰੂਕ ਕੀਤਾ ਜਾ ਸਕੇ।

ਉਨ੍ਹਾਂ ਅੱਗੇ ਕਿਹਾ ਕਿ ਨੌਜਵਾਨ ਪੀੜ੍ਹੀ ਨੂੰ ਨਸ਼ਿਆਂ ਤੋਂ ਦੂਰ ਰੱਖਣ ਲਈ ਸਮਾਜ ਸੇਵੀ ਸੰਸਥਾਵਾਂ ਨੂੰ ਅੱਗੇ ਆਉਣਾ ਚਾਹੀਦਾ ਹੈ। ਇਸ ਮੌਕੇ ਹਾਜ਼ਰ ਸੰਗਤਾਂ ਨੇ ਇਸ ਕਾਰਜ ਵਿਚ ਪੂਰਾ ਸਹਿਯੋਗ ਦੇਣ ਦਾ ਭਰੋਸਾ ਦਿੱਤਾ।

ਇਸ ਮੌਕੇ ਵੱਡੀ ਗਿਣਤੀ ਵਿਚ ਇਲਾਕਾ ਨਿਵਾਸੀ, ਵਰਕਰ ਅਤੇ ਵੱਖ-ਵੱਖ ਜਥੇਬੰਦੀਆਂ ਦੇ ਨੁਮਾਇੰਦੇ ਹਾਜ਼ਰ ਸਨ ਅਤੇ ਸਾਰਿਆਂ ਨੇ ਇਕਜੁੱਟਤਾ ਦਾ ਪ੍ਰਗਟਾਵਾ ਕੀਤਾ।

ਸਿੱਖ ਯੂਥ ਫੈਡਰੇਸ਼ਨ ਭਿੰਡਰਾਂਵਾਲਾ ਵੱਲੋਂ ਹਲਕਾ ਖਡੂਰ ਸਾਹਿਬ ਤੋਂ ਪੰਥਕ ਉਮੀਦਵਾਰ ਭਾਈ ਅੰਮ੍ਰਿਤਪਾਲ ਸਿੰਘ ਦੀ ਹਮਾਇਤ ਦਾ ਐਲਾਨ
ਵੋਟ ਤੰਤਰ ਨੂੰ ਖ਼ਾਲਿਸਤਾਨ ਦੀ ਮਜ਼ਬੂਤੀ ਲਈ ਵਰਤਿਆ ਜਾਵੇ : ਭਾਈ ਰਾਜਿੰਦਰ ਸਿੰਘ ਦਮਦਮੀ ਟਕਸਾਲ

ਅੰਮ੍ਰਿਤਸਰ, 1 ਮਈ (ਜਗਤਜੀਤ ਸਿੰਘ) - ਸਿੱਖ ਯੂਥ ਫੈਡਰੇਸ਼ਨ ਭਿੰਡਰਾਂਵਾਲਾ ਨੇ ਹਲਕਾ ਖਡੂਰ ਸਾਹਿਬ ਤੋਂ ਪੰਥਕ ਉਮੀਦਵਾਰ ਭਾਈ ਅੰਮ੍ਰਿਤਪਾਲ ਸਿੰਘ ਦੀ ਹਮਾਇਤ ਦਾ ਐਲਾਨ ਕੀਤਾ ਹੈ।

ਇਸ ਮੌਕੇ ਬੋਲਦਿਆਂ ਆਗੂਆਂ ਨੇ ਕਿਹਾ ਕਿ ਪੰਥਕ ਏਕਤਾ ਸਮੇਂ ਦੀ ਮੁੱਖ ਲੋੜ ਹੈ ਅਤੇ ਸਾਰੀਆਂ ਜਥੇਬੰਦੀਆਂ ਨੂੰ ਇਕ ਮੰਚ ਉੱਤੇ ਆ ਕੇ ਕੰਮ ਕਰਨਾ ਚਾਹੀਦਾ ਹੈ। ਉਨ੍ਹਾਂ ਕਿਹਾ ਕਿ ਸਿੱਖ ਕੌਮ ਦੇ ਹਿੱਤਾਂ ਦੀ ਰਾਖੀ ਲਈ ਹਰ ਸੰਭਵ ਯਤਨ ਕੀਤਾ ਜਾਵੇਗਾ।

ਇਸ ਮੌਕੇ ਹੋਰਨਾਂ ਤੋਂ ਇਲਾਵਾ ਕਈ ਪਤਵੰਤੇ ਸੱਜਣ ਹਾਜ਼ਰ ਸਨ, ਜਿਨ੍ਹਾਂ ਨੇ ਆਪਣੇ ਵਿਚਾਰ ਪ੍ਰਗਟ ਕਰਦਿਆਂ ਸੰਸਥਾ ਦੇ ਕਾਰਜਾਂ ਦੀ ਸ਼ਲਾਘਾ ਕੀਤੀ ਅਤੇ ਭਵਿੱਖ ਵਿਚ ਵੀ ਸਹਿਯੋਗ ਦਾ ਵਾਅਦਾ ਕੀਤਾ।

ਅਖ਼ੀਰ ਵਿਚ ਸਭ ਦਾ ਧੰਨਵਾਦ ਕਰਦਿਆਂ ਪ੍ਰਬੰਧਕਾਂ ਨੇ ਕਿਹਾ ਕਿ ਆਉਣ ਵਾਲੇ ਸਮੇਂ ਵਿਚ ਵੀ ਅਜਿਹੇ ਸਮਾਗਮ ਕਰਵਾਏ ਜਾਂਦੇ ਰਹਿਣਗੇ ਤਾਂ ਜੋ ਲੋਕਾਂ ਨੂੰ ਜਾਗਰੂਕ ਕੀਤਾ ਜਾ ਸਕੇ।

ਉਨ੍ਹਾਂ ਅੱਗੇ ਕਿਹਾ ਕਿ ਨੌਜਵਾਨ ਪੀੜ੍ਹੀ ਨੂੰ ਨਸ਼ਿਆਂ ਤੋਂ ਦੂਰ ਰੱਖਣ ਲਈ ਸਮਾਜ ਸੇਵੀ ਸੰਸਥਾਵਾਂ ਨੂੰ ਅੱਗੇ ਆਉਣਾ ਚਾਹੀਦਾ ਹੈ। ਇਸ ਮੌਕੇ ਹਾਜ਼ਰ ਸੰਗਤਾਂ ਨੇ ਇਸ ਕਾਰਜ ਵਿਚ ਪੂਰਾ ਸਹਿਯੋਗ ਦੇਣ ਦਾ ਭਰੋਸਾ ਦਿੱਤਾ।

ਇਸ ਮੌਕੇ ਵੱਡੀ ਗਿਣਤੀ ਵਿਚ ਇਲਾਕਾ ਨਿਵਾਸੀ, ਵਰਕਰ ਅਤੇ ਵੱਖ-ਵੱਖ ਜਥੇਬੰਦੀਆਂ ਦੇ ਨੁਮਾਇੰਦੇ ਹਾਜ਼ਰ ਸਨ ਅਤੇ ਸਾਰਿਆਂ ਨੇ ਇਕਜੁੱਟਤਾ ਦਾ ਪ੍ਰਗਟਾਵਾ ਕੀਤਾ।

ਇਸ ਮੌਕੇ ਬੋਲਦਿਆਂ ਆਗੂਆਂ ਨੇ ਕਿਹਾ ਕਿ ਪੰਥਕ ਏਕਤਾ ਸਮੇਂ ਦੀ ਮੁੱਖ ਲੋੜ ਹੈ ਅਤੇ ਸਾਰੀਆਂ ਜਥੇਬੰਦੀਆਂ ਨੂੰ ਇਕ ਮੰਚ ਉੱਤੇ ਆ ਕੇ ਕੰਮ ਕਰਨਾ ਚਾਹੀਦਾ ਹੈ। ਉਨ੍ਹਾਂ ਕਿਹਾ ਕਿ ਸਿੱਖ ਕੌਮ ਦੇ ਹਿੱਤਾਂ ਦੀ ਰਾਖੀ ਲਈ ਹਰ ਸੰਭਵ ਯਤਨ ਕੀਤਾ ਜਾਵੇਗਾ।

ਇਸ ਮੌਕੇ ਹੋਰਨਾਂ ਤੋਂ ਇਲਾਵਾ ਕਈ ਪਤਵੰਤੇ ਸੱਜਣ ਹਾਜ਼ਰ ਸਨ, ਜਿਨ੍ਹਾਂ ਨੇ ਆਪਣੇ ਵਿਚਾਰ ਪ੍ਰਗਟ ਕਰਦਿਆਂ ਸੰਸਥਾ ਦੇ ਕਾਰਜਾਂ ਦੀ ਸ਼ਲਾਘਾ ਕੀਤੀ ਅਤੇ ਭਵਿੱਖ ਵਿਚ ਵੀ ਸਹਿਯੋਗ ਦਾ ਵਾਅਦਾ ਕੀਤਾ।

ਅਖ਼ੀਰ ਵਿਚ ਸਭ ਦਾ ਧੰਨਵਾਦ ਕਰਦਿਆਂ ਪ੍ਰਬੰਧਕਾਂ ਨੇ ਕਿਹਾ ਕਿ ਆਉਣ ਵਾਲੇ ਸਮੇਂ ਵਿਚ ਵੀ ਅਜਿਹੇ ਸਮਾਗਮ ਕਰਵਾਏ ਜਾਂਦੇ ਰਹਿਣਗੇ ਤਾਂ ਜੋ ਲੋਕਾਂ ਨੂੰ ਜਾਗਰੂਕ ਕੀਤਾ ਜਾ ਸਕੇ।

'ਕੌਰਨਾਮਾ' ਕਿਤਾਬ ਸੰਪੂਰਨ ਹੋਣ 'ਤੇ ਤਖ਼ਤ ਸ੍ਰੀ ਦਮਦਮਾ ਸਾਹਿਬ ਵਿਖੇ ਸ਼ੁਕਰਾਨਾ ਅਰਦਾਸ
ਸ਼ਹੀਦਾਂ ਸਿੰਘਣੀਆਂ ਕੁੜੀਆਂ ਦੇ ਇਤਿਹਾਸ 'ਤੇ ਅਧਾਰਿਤ ਹੈ ਇਹ ਕਿਤਾਬ
'ਕੌਰਨਾਮਾ' ਕਿਤਾਬ ਦੀ ਤਸਵੀਰ।

ਤਲਵੰਡੀ ਸਾਬੋ, 1 ਮਈ (ਮਨਜੀਤ ਸਿੰਘ) - 'ਕੌਰਨਾਮਾ' ਕਿਤਾਬ ਸੰਪੂਰਨ ਹੋਣ ਉਪਰੰਤ ਤਖ਼ਤ ਸ੍ਰੀ ਦਮਦਮਾ ਸਾਹਿਬ ਵਿਖੇ ਸ਼ੁਕਰਾਨੇ ਦੀ ਅਰਦਾਸ ਕੀਤੀ ਗਈ।

ਇਸ ਮੌਕੇ ਬੋਲਦਿਆਂ ਆਗੂਆਂ ਨੇ ਕਿਹਾ ਕਿ ਪੰਥਕ ਏਕਤਾ ਸਮੇਂ ਦੀ ਮੁੱਖ ਲੋੜ ਹੈ ਅਤੇ ਸਾਰੀਆਂ ਜਥੇਬੰਦੀਆਂ ਨੂੰ ਇਕ ਮੰਚ ਉੱਤੇ ਆ ਕੇ ਕੰਮ ਕਰਨਾ ਚਾਹੀਦਾ ਹੈ। ਉਨ੍ਹਾਂ ਕਿਹਾ ਕਿ ਸਿੱਖ ਕੌਮ ਦੇ ਹਿੱਤਾਂ ਦੀ ਰਾਖੀ ਲਈ ਹਰ ਸੰਭਵ ਯਤਨ ਕੀਤਾ ਜਾਵੇਗਾ।

ਇਸ ਮੌਕੇ ਵੱਡੀ ਗਿਣਤੀ ਵਿਚ ਇਲਾਕਾ ਨਿਵਾਸੀ, ਵਰਕਰ ਅਤੇ ਵੱਖ-ਵੱਖ ਜਥੇਬੰਦੀਆਂ ਦੇ ਨੁਮਾਇੰਦੇ ਹਾਜ਼ਰ ਸਨ ਅਤੇ ਸਾਰਿਆਂ ਨੇ ਇਕਜੁੱਟਤਾ ਦਾ ਪ੍ਰਗਟਾਵਾ ਕੀਤਾ।

ਐਸ ਸੀ ਭਾਈਚਾਰੇ ਵੱਲੋਂ 'ਆਪ' ਤੇ ਭਾਜਪਾ ਦੇ ਬਾਈਕਾਟ ਦਾ ਐਲਾਨ : ਰਾਹੁਲ ਭੁਲਗਹ
ਜਸਵਿੰਦਰ ਸਿੰਘ ਵੀਰੂ ਐਸ ਸੀ ਡਿਪਾਰਟਮੈਂਟ ਲੁਧਿਆਣਾ ਦੇ ਵਾਇਸ ਚੇਅਰਮੈਨ ਨਿਯੁਕਤ

ਲੁਧਿਆਣਾ, 1 ਮਈ (ਜਸਵਿੰਦਰ ਸਿੰਘ) - ਐਸ ਸੀ ਭਾਈਚਾਰੇ ਦੇ ਆਗੂਆਂ ਨੇ ਮੀਟਿੰਗ ਕਰਕੇ 'ਆਪ' ਅਤੇ ਭਾਜਪਾ ਦੇ ਬਾਈਕਾਟ ਦਾ ਐਲਾਨ ਕੀਤਾ।

ਇਸ ਮੌਕੇ ਬੋਲਦਿਆਂ ਆਗੂਆਂ ਨੇ ਕਿਹਾ ਕਿ ਪੰਥਕ ਏਕਤਾ ਸਮੇਂ ਦੀ ਮੁੱਖ ਲੋੜ ਹੈ ਅਤੇ ਸਾਰੀਆਂ ਜਥੇਬੰਦੀਆਂ ਨੂੰ ਇਕ ਮੰਚ ਉੱਤੇ ਆ ਕੇ ਕੰਮ ਕਰਨਾ ਚਾਹੀਦਾ ਹੈ। ਉਨ੍ਹਾਂ ਕਿਹਾ ਕਿ ਸਿੱਖ ਕੌਮ ਦੇ ਹਿੱਤਾਂ ਦੀ ਰਾਖੀ ਲਈ ਹਰ ਸੰਭਵ ਯਤਨ ਕੀਤਾ ਜਾਵੇਗਾ।

ਇਸ ਮੌਕੇ ਹੋਰਨਾਂ ਤੋਂ ਇਲਾਵਾ ਕਈ ਪਤਵੰਤੇ ਸੱਜਣ ਹਾਜ਼ਰ ਸਨ, ਜਿਨ੍ਹਾਂ ਨੇ ਆਪਣੇ ਵਿਚਾਰ ਪ੍ਰਗਟ ਕਰਦਿਆਂ ਸੰਸਥਾ ਦੇ ਕਾਰਜਾਂ ਦੀ ਸ਼ਲਾਘਾ ਕੀਤੀ ਅਤੇ ਭਵਿੱਖ ਵਿਚ ਵੀ ਸਹਿਯੋਗ ਦਾ ਵਾਅਦਾ ਕੀਤਾ।

ਮੀਟਿੰਗ ਦੌਰਾਨ ਹਾਜ਼ਰ ਐਸ ਸੀ ਭਾਈਚਾਰੇ ਦੇ ਆਗੂ ਤੇ ਵਰਕਰ।

ਇਸ ਮੌਕੇ ਵੱਡੀ ਗਿਣਤੀ ਵਿਚ ਇਲਾਕਾ ਨਿਵਾਸੀ, ਵਰਕਰ ਅਤੇ ਵੱਖ-ਵੱਖ ਜਥੇਬੰਦੀਆਂ ਦੇ ਨੁਮਾਇੰਦੇ ਹਾਜ਼ਰ ਸਨ ਅਤੇ ਸਾਰਿਆਂ ਨੇ ਇਕਜੁੱਟਤਾ ਦਾ ਪ੍ਰਗਟਾਵਾ ਕੀਤਾ।

ਉਨ੍ਹਾਂ ਅੱਗੇ ਕਿਹਾ ਕਿ ਨੌਜਵਾਨ ਪੀੜ੍ਹੀ ਨੂੰ ਨਸ਼ਿਆਂ ਤੋਂ ਦੂਰ ਰੱਖਣ ਲਈ ਸਮਾਜ ਸੇਵੀ ਸੰਸਥਾਵਾਂ ਨੂੰ ਅੱਗੇ ਆਉਣਾ ਚਾਹੀਦਾ ਹੈ। ਇਸ ਮੌਕੇ ਹਾਜ਼ਰ ਸੰਗਤਾਂ ਨੇ ਇਸ ਕਾਰਜ ਵਿਚ ਪੂਰਾ ਸਹਿਯੋਗ ਦੇਣ ਦਾ ਭਰੋਸਾ ਦਿੱਤਾ।

ਅਖ਼ੀਰ ਵਿਚ ਸਭ ਦਾ ਧੰਨਵਾਦ ਕਰਦਿਆਂ ਪ੍ਰਬੰਧਕਾਂ ਨੇ ਕਿਹਾ ਕਿ ਆਉਣ ਵਾਲੇ ਸਮੇਂ ਵਿਚ ਵੀ ਅਜਿਹੇ ਸਮਾਗਮ ਕਰਵਾਏ ਜਾਂਦੇ ਰਹਿਣਗੇ ਤਾਂ ਜੋ ਲੋਕਾਂ ਨੂੰ ਜਾਗਰੂਕ ਕੀਤਾ ਜਾ ਸਕੇ।

ਸ਼੍ਰੋਮਣੀ ਅਕਾਲੀ ਦਲ ਵੱਲੋਂ ਵੱਖ-ਵੱਖ ਅਹੁਦੇਦਾਰਾਂ ਨੂੰ ਨਿਯੁਕਤ ਕਰਨ ਉਪਰੰਤ ਵਿਸ਼ੇਸ਼ ਸਨਮਾਨ

ਅੰਮ੍ਰਿਤਸਰ, 1 ਮਈ (ਨਿੱਜੀ ਪੱਤਰ ਪ੍ਰੇਰਕ) - ਸ਼੍ਰੋਮਣੀ ਅਕਾਲੀ ਦਲ ਵੱਲੋਂ ਵੱਖ-ਵੱਖ ਅਹੁਦੇਦਾਰਾਂ ਦੀ ਨਿਯੁਕਤੀ ਉਪਰੰਤ ਸਨਮਾਨ ਸਮਾਰੋਹ ਕੀਤਾ ਗਿਆ।

ਇਸ ਮੌਕੇ ਹੋਰਨਾਂ ਤੋਂ ਇਲਾਵਾ ਕਈ ਪਤਵੰਤੇ ਸੱਜਣ ਹਾਜ਼ਰ ਸਨ, ਜਿਨ੍ਹਾਂ ਨੇ ਆਪਣੇ ਵਿਚਾਰ ਪ੍ਰਗਟ ਕਰਦਿਆਂ ਸੰਸਥਾ ਦੇ ਕਾਰਜਾਂ ਦੀ ਸ਼ਲਾਘਾ ਕੀਤੀ ਅਤੇ ਭਵਿੱਖ ਵਿਚ ਵੀ ਸਹਿਯੋਗ ਦਾ ਵਾਅਦਾ ਕੀਤਾ।

ਇਸ ਮੌਕੇ ਬੋਲਦਿਆਂ ਆਗੂਆਂ ਨੇ ਕਿਹਾ ਕਿ ਪੰਥਕ ਏਕਤਾ ਸਮੇਂ ਦੀ ਮੁੱਖ ਲੋੜ ਹੈ ਅਤੇ ਸਾਰੀਆਂ ਜਥੇਬੰਦੀਆਂ ਨੂੰ ਇਕ ਮੰਚ ਉੱਤੇ ਆ ਕੇ ਕੰਮ ਕਰਨਾ ਚਾਹੀਦਾ ਹੈ। ਉਨ੍ਹਾਂ ਕਿਹਾ ਕਿ ਸਿੱਖ ਕੌਮ ਦੇ ਹਿੱਤਾਂ ਦੀ ਰਾਖੀ ਲਈ ਹਰ ਸੰਭਵ ਯਤਨ ਕੀਤਾ ਜਾਵੇਗਾ।

ਸਨਮਾਨ ਸਮਾਰੋਹ ਦੌਰਾਨ ਹਾਜ਼ਰ ਆਗੂ।

ਅਖ਼ੀਰ ਵਿਚ ਸਭ ਦਾ ਧੰਨਵਾਦ ਕਰਦਿਆਂ ਪ੍ਰਬੰਧਕਾਂ ਨੇ ਕਿਹਾ ਕਿ ਆਉਣ ਵਾਲੇ ਸਮੇਂ ਵਿਚ ਵੀ ਅਜਿਹੇ ਸਮਾਗਮ ਕਰਵਾਏ ਜਾਂਦੇ ਰਹਿਣਗੇ ਤਾਂ ਜੋ ਲੋਕਾਂ ਨੂੰ ਜਾਗਰੂਕ ਕੀਤਾ ਜਾ ਸਕੇ।

ਇਸ ਮੌਕੇ ਵੱਡੀ ਗਿਣਤੀ ਵਿਚ ਇਲਾਕਾ ਨਿਵਾਸੀ, ਵਰਕਰ ਅਤੇ ਵੱਖ-ਵੱਖ ਜਥੇਬੰਦੀਆਂ ਦੇ ਨੁਮਾਇੰਦੇ ਹਾਜ਼ਰ ਸਨ ਅਤੇ ਸਾਰਿਆਂ ਨੇ ਇਕਜੁੱਟਤਾ ਦਾ ਪ੍ਰਗਟਾਵਾ ਕੀਤਾ।

ਉਨ੍ਹਾਂ ਅੱਗੇ ਕਿਹਾ ਕਿ ਨੌਜਵਾਨ ਪੀੜ੍ਹੀ ਨੂੰ ਨਸ਼ਿਆਂ ਤੋਂ ਦੂਰ ਰੱਖਣ ਲਈ ਸਮਾਜ ਸੇਵੀ ਸੰਸਥਾਵਾਂ ਨੂੰ ਅੱਗੇ ਆਉਣਾ ਚਾਹੀਦਾ ਹੈ। ਇਸ ਮੌਕੇ ਹਾਜ਼ਰ ਸੰਗਤਾਂ ਨੇ ਇਸ ਕਾਰਜ ਵਿਚ ਪੂਰਾ ਸਹਿਯੋਗ ਦੇਣ ਦਾ ਭਰੋਸਾ ਦਿੱਤਾ।
